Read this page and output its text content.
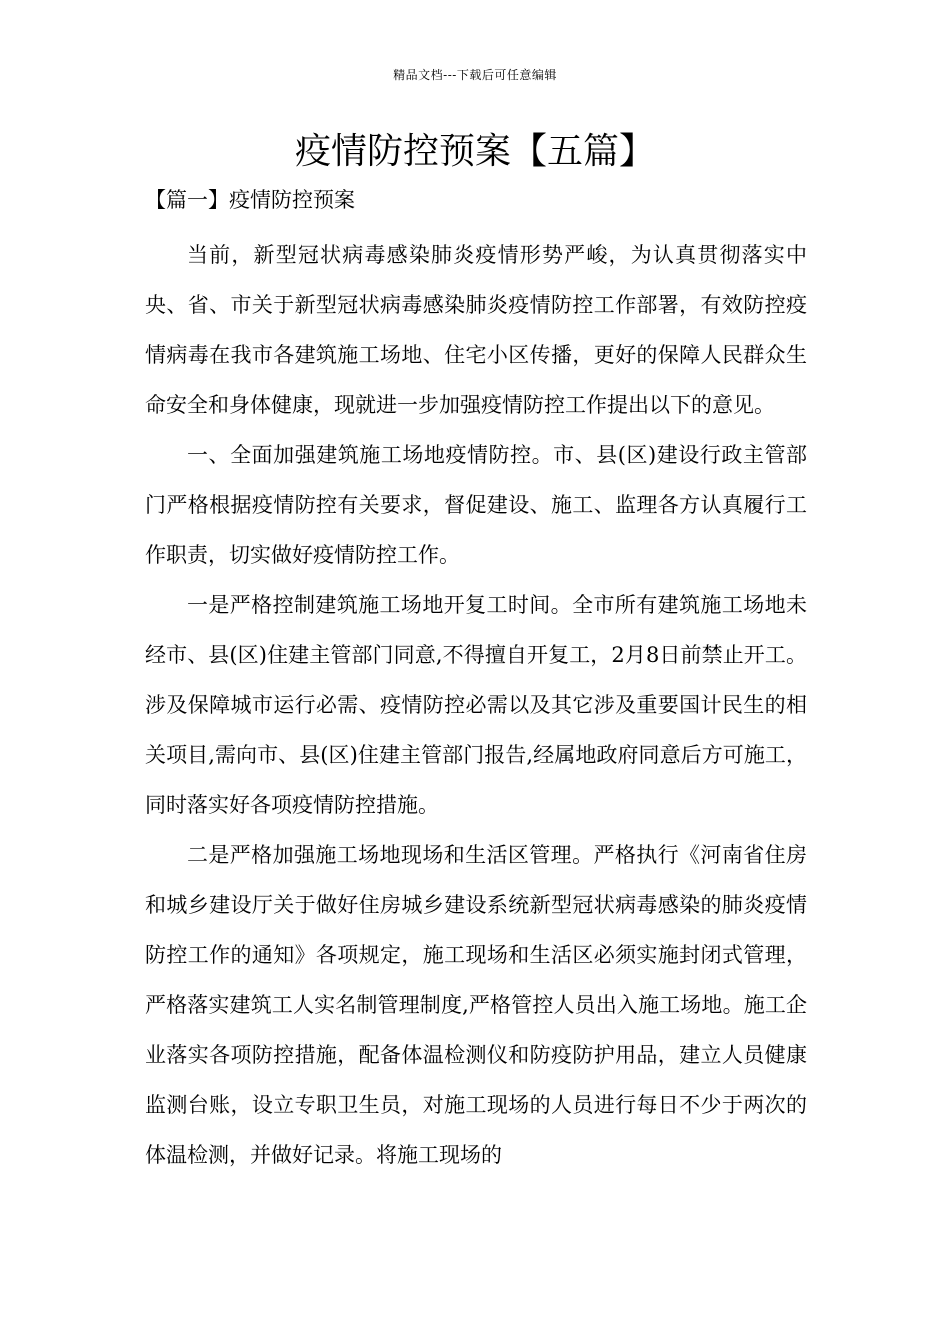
精品文档---下载后可任意编辑
疫情防控预案【五篇】
【篇一】疫情防控预案

当前，新型冠状病毒感染肺炎疫情形势严峻，为认真贯彻落实中央、省、市关于新型冠状病毒感染肺炎疫情防控工作部署，有效防控疫情病毒在我市各建筑施工场地、住宅小区传播，更好的保障人民群众生命安全和身体健康，现就进一步加强疫情防控工作提出以下的意见。

一、全面加强建筑施工场地疫情防控。市、县(区)建设行政主管部门严格根据疫情防控有关要求，督促建设、施工、监理各方认真履行工作职责，切实做好疫情防控工作。

一是严格控制建筑施工场地开复工时间。全市所有建筑施工场地未经市、县(区)住建主管部门同意,不得擅自开复工，2月8日前禁止开工。涉及保障城市运行必需、疫情防控必需以及其它涉及重要国计民生的相关项目,需向市、县(区)住建主管部门报告,经属地政府同意后方可施工，同时落实好各项疫情防控措施。

二是严格加强施工场地现场和生活区管理。严格执行《河南省住房和城乡建设厅关于做好住房城乡建设系统新型冠状病毒感染的肺炎疫情防控工作的通知》各项规定，施工现场和生活区必须实施封闭式管理，严格落实建筑工人实名制管理制度,严格管控人员出入施工场地。施工企业落实各项防控措施，配备体温检测仪和防疫防护用品，建立人员健康监测台账，设立专职卫生员，对施工现场的人员进行每日不少于两次的体温检测，并做好记录。将施工现场的
